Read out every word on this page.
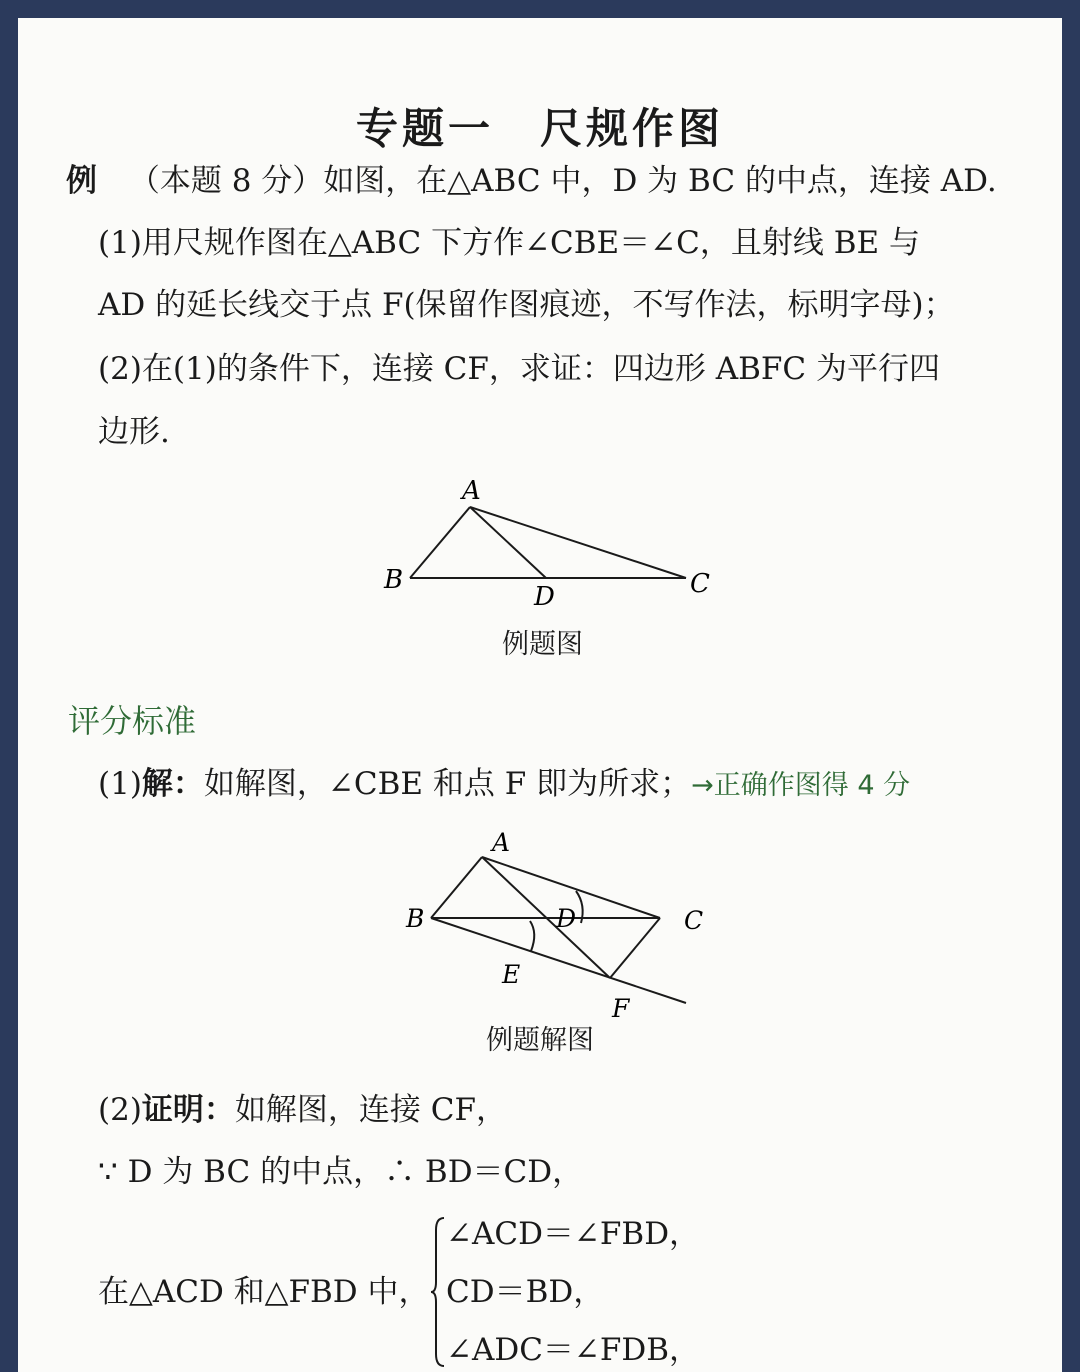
专题一　尺规作图
例 （本题 8 分）如图，在△ABC 中，D 为 BC 的中点，连接 AD.
(1)用尺规作图在△ABC 下方作∠CBE＝∠C，且射线 BE 与
AD 的延长线交于点 F(保留作图痕迹，不写作法，标明字母)；
(2)在(1)的条件下，连接 CF，求证：四边形 ABFC 为平行四
边形.
A
B	C
D
例题图
评分标准
(1)解：如解图，∠CBE 和点 F 即为所求；→正确作图得 4 分
A
B	C
D
E
F
例题解图
(2)证明：如解图，连接 CF，
∵ D 为 BC 的中点，∴ BD＝CD，
在△ACD 和△FBD 中，
∠ACD＝∠FBD，
CD＝BD，
∠ADC＝∠FDB，
